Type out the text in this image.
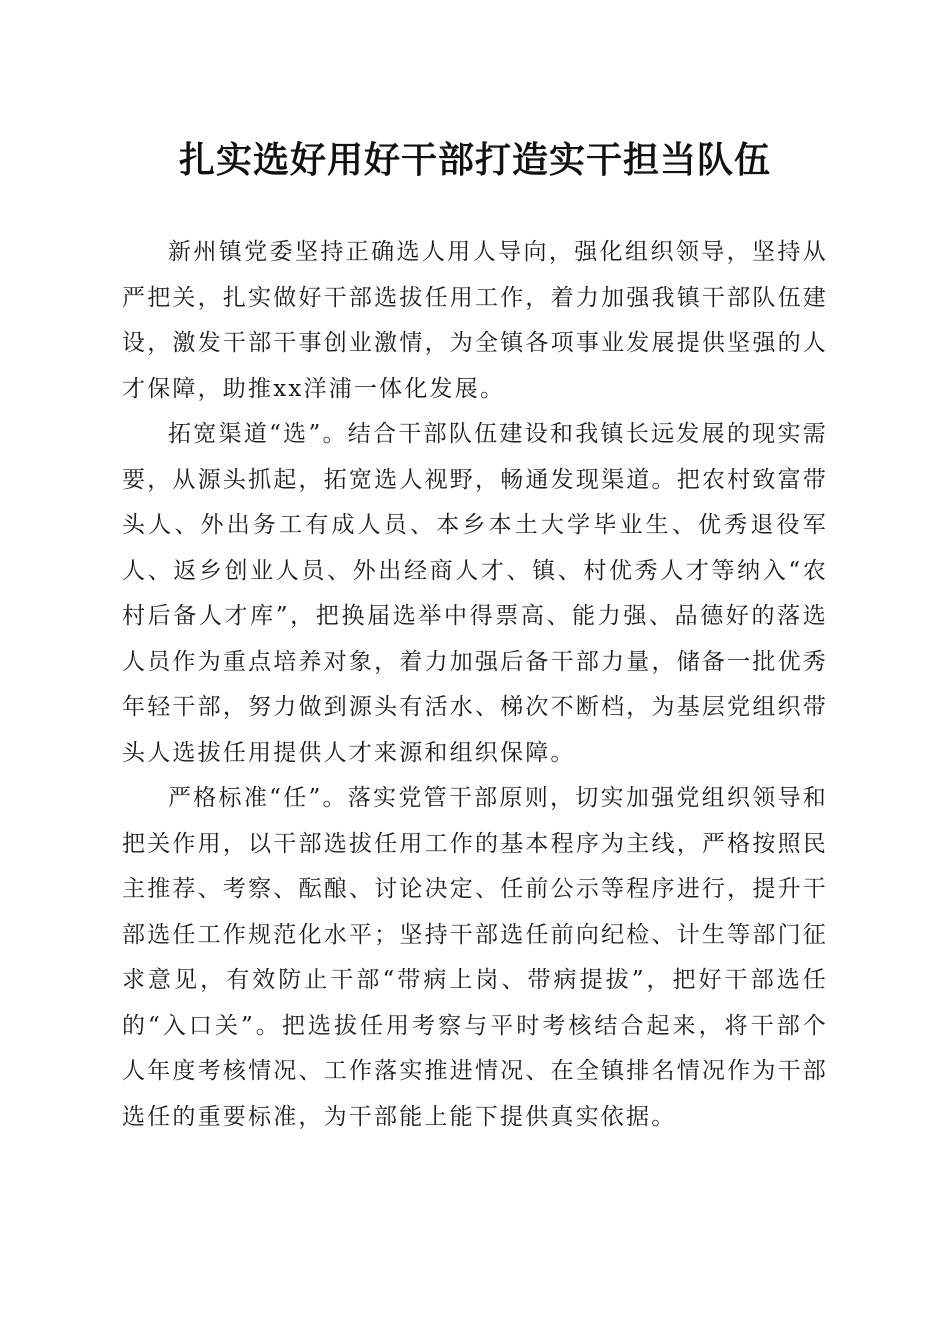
扎实选好用好干部打造实干担当队伍

新州镇党委坚持正确选人用人导向，强化组织领导，坚持从严把关，扎实做好干部选拔任用工作，着力加强我镇干部队伍建设，激发干部干事创业激情，为全镇各项事业发展提供坚强的人才保障，助推xx洋浦一体化发展。

拓宽渠道“选”。结合干部队伍建设和我镇长远发展的现实需要，从源头抓起，拓宽选人视野，畅通发现渠道。把农村致富带头人、外出务工有成人员、本乡本土大学毕业生、优秀退役军人、返乡创业人员、外出经商人才、镇、村优秀人才等纳入“农村后备人才库”，把换届选举中得票高、能力强、品德好的落选人员作为重点培养对象，着力加强后备干部力量，储备一批优秀年轻干部，努力做到源头有活水、梯次不断档，为基层党组织带头人选拔任用提供人才来源和组织保障。

严格标准“任”。落实党管干部原则，切实加强党组织领导和把关作用，以干部选拔任用工作的基本程序为主线，严格按照民主推荐、考察、酝酿、讨论决定、任前公示等程序进行，提升干部选任工作规范化水平；坚持干部选任前向纪检、计生等部门征求意见，有效防止干部“带病上岗、带病提拔”，把好干部选任的“入口关”。把选拔任用考察与平时考核结合起来，将干部个人年度考核情况、工作落实推进情况、在全镇排名情况作为干部选任的重要标准，为干部能上能下提供真实依据。
